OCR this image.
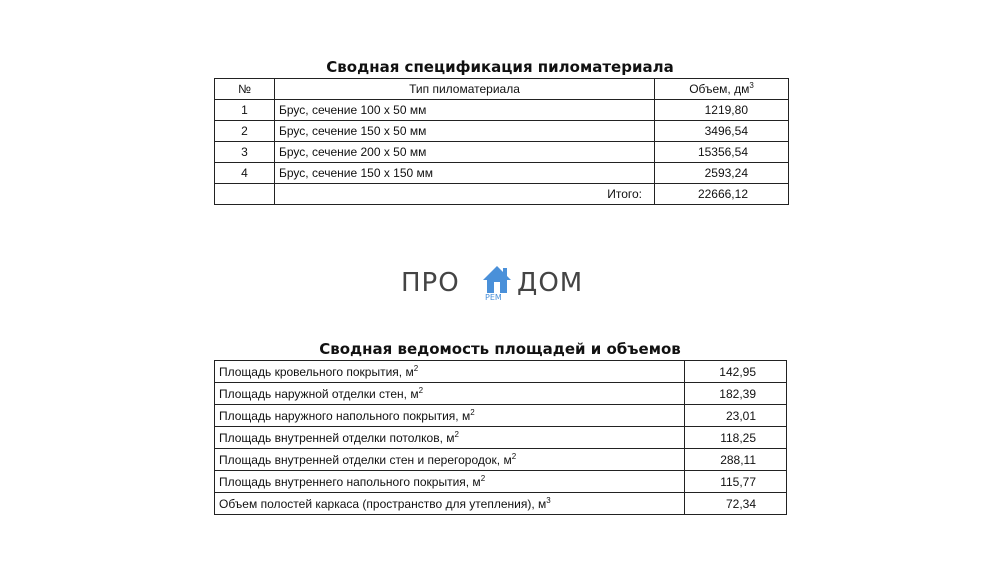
Сводная спецификация пиломатериала
№	Тип пиломатериала	Объем, $дм^3$
1	Брус, сечение 100 х 50 мм	1219,80
2	Брус, сечение 150 х 50 мм	3496,54
3	Брус, сечение 200 х 50 мм	15356,54
4	Брус, сечение 150 х 150 мм	2593,24
	Итого:	22666,12
ПРО	РЕМ ДОМ
Сводная ведомость площадей и объемов
Площадь кровельного покрытия, $м^2$	142,95
Площадь наружной отделки стен, $м^2$	182,39
Площадь наружного напольного покрытия, $м^2$	23,01
Площадь внутренней отделки потолков, $м^2$	118,25
Площадь внутренней отделки стен и перегородок, $м^2$	288,11
Площадь внутреннего напольного покрытия, $м^2$	115,77
Объем полостей каркаса (пространство для утепления), $м^3$	72,34
